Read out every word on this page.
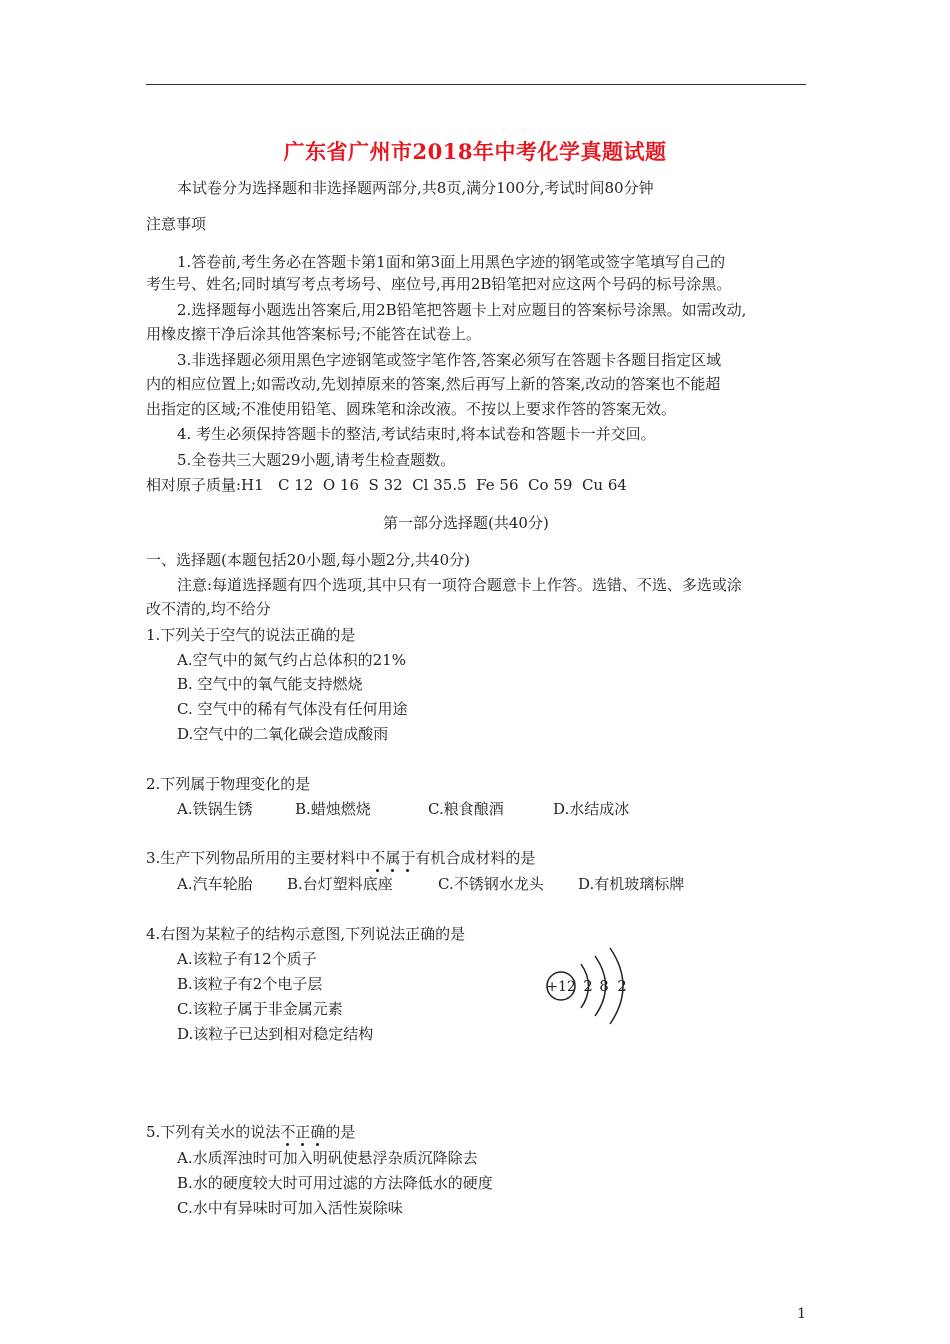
广东省广州市2018年中考化学真题试题
本试卷分为选择题和非选择题两部分,共8页,满分100分,考试时间80分钟
注意事项
1.答卷前,考生务必在答题卡第1面和第3面上用黑色字迹的钢笔或签字笔填写自己的
考生号、姓名;同时填写考点考场号、座位号,再用2B铅笔把对应这两个号码的标号涂黑。
2.选择题每小题选出答案后,用2B铅笔把答题卡上对应题目的答案标号涂黑。如需改动,
用橡皮擦干净后涂其他答案标号;不能答在试卷上。
3.非选择题必须用黑色字迹钢笔或签字笔作答,答案必须写在答题卡各题目指定区域
内的相应位置上;如需改动,先划掉原来的答案,然后再写上新的答案,改动的答案也不能超
出指定的区域;不准使用铅笔、圆珠笔和涂改液。不按以上要求作答的答案无效。
4. 考生必须保持答题卡的整洁,考试结束时,将本试卷和答题卡一并交回。
5.全卷共三大题29小题,请考生检查题数。
相对原子质量:H1   C 12  O 16  S 32  Cl 35.5  Fe 56  Co 59  Cu 64
第一部分选择题(共40分)
一、选择题(本题包括20小题,每小题2分,共40分)
注意:每道选择题有四个选项,其中只有一项符合题意卡上作答。选错、不选、多选或涂
改不清的,均不给分
1.下列关于空气的说法正确的是
A.空气中的氮气约占总体积的21%
B. 空气中的氧气能支持燃烧
C. 空气中的稀有气体没有任何用途
D.空气中的二氧化碳会造成酸雨
2.下列属于物理变化的是
A.铁锅生锈	B.蜡烛燃烧	C.粮食酿酒	D.水结成冰
3.生产下列物品所用的主要材料中不属于有机合成材料的是
A.汽车轮胎 B.台灯塑料底座	C.不锈钢水龙头 D.有机玻璃标牌
4.右图为某粒子的结构示意图,下列说法正确的是
A.该粒子有12个质子
B.该粒子有2个电子层
C.该粒子属于非金属元素
D.该粒子已达到相对稳定结构
+12 2 8 2
5.下列有关水的说法不正确的是
A.水质浑浊时可加入明矾使悬浮杂质沉降除去
B.水的硬度较大时可用过滤的方法降低水的硬度
C.水中有异味时可加入活性炭除味
1
